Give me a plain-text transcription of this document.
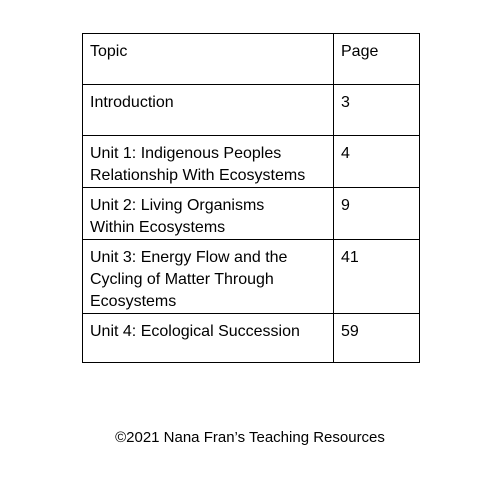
Topic	Page
Introduction	3
Unit 1: Indigenous Peoples
Relationship With Ecosystems	4
Unit 2: Living Organisms
Within Ecosystems	9
Unit 3: Energy Flow and the
Cycling of Matter Through
Ecosystems	41
Unit 4: Ecological Succession	59
©2021 Nana Fran’s Teaching Resources
